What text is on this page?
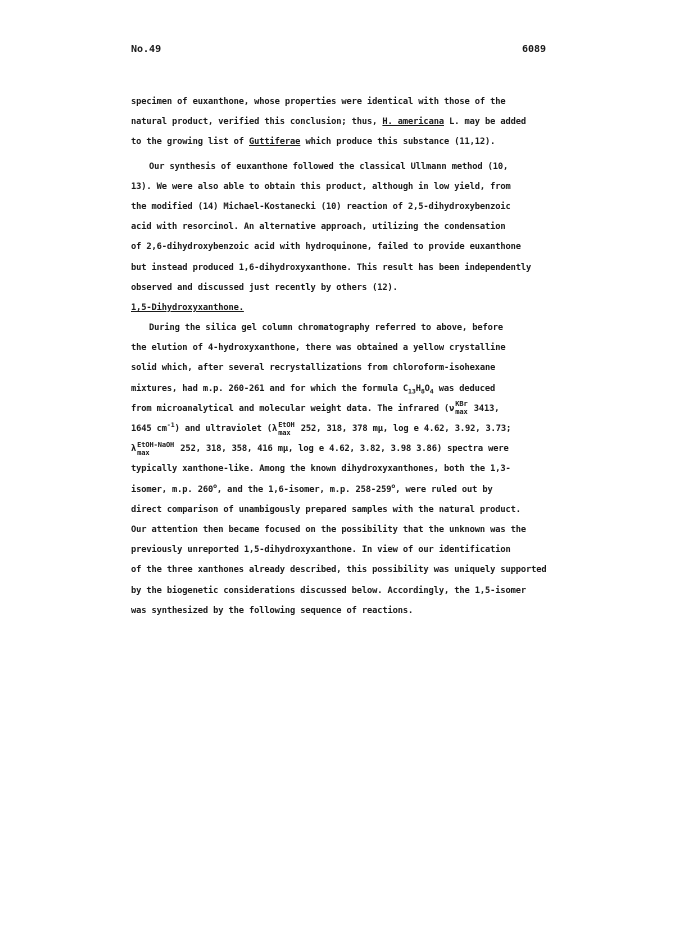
No.49	6089
specimen of euxanthone, whose properties were identical with those of the
natural product, verified this conclusion; thus, H. americana L. may be added
to the growing list of Guttiferae which produce this substance (11,12).
Our synthesis of euxanthone followed the classical Ullmann method (10,
13). We were also able to obtain this product, although in low yield, from
the modified (14) Michael-Kostanecki (10) reaction of 2,5-dihydroxybenzoic
acid with resorcinol. An alternative approach, utilizing the condensation
of 2,6-dihydroxybenzoic acid with hydroquinone, failed to provide euxanthone
but instead produced 1,6-dihydroxyxanthone. This result has been independently
observed and discussed just recently by others (12).
1,5-Dihydroxyxanthone.
During the silica gel column chromatography referred to above, before
the elution of 4-hydroxyxanthone, there was obtained a yellow crystalline
solid which, after several recrystallizations from chloroform-isohexane
mixtures, had m.p. 260-261 and for which the formula $C_{13}H_8O_4$ was deduced
from microanalytical and molecular weight data. The infrared (ν KBr
max 3413,
1645 $cm^{-1}$) and ultraviolet (λ EtOH
max 252, 318, 378 mμ, log e 4.62, 3.92, 3.73;
λ EtOH-NaOH
max	252, 318, 358, 416 mμ, log e 4.62, 3.82, 3.98 3.86) spectra were
typically xanthone-like. Among the known dihydroxyxanthones, both the 1,3-
isomer, m.p. 260$^o$, and the 1,6-isomer, m.p. 258-259$^o$, were ruled out by
direct comparison of unambigously prepared samples with the natural product.
Our attention then became focused on the possibility that the unknown was the
previously unreported 1,5-dihydroxyxanthone. In view of our identification
of the three xanthones already described, this possibility was uniquely supported
by the biogenetic considerations discussed below. Accordingly, the 1,5-isomer
was synthesized by the following sequence of reactions.
